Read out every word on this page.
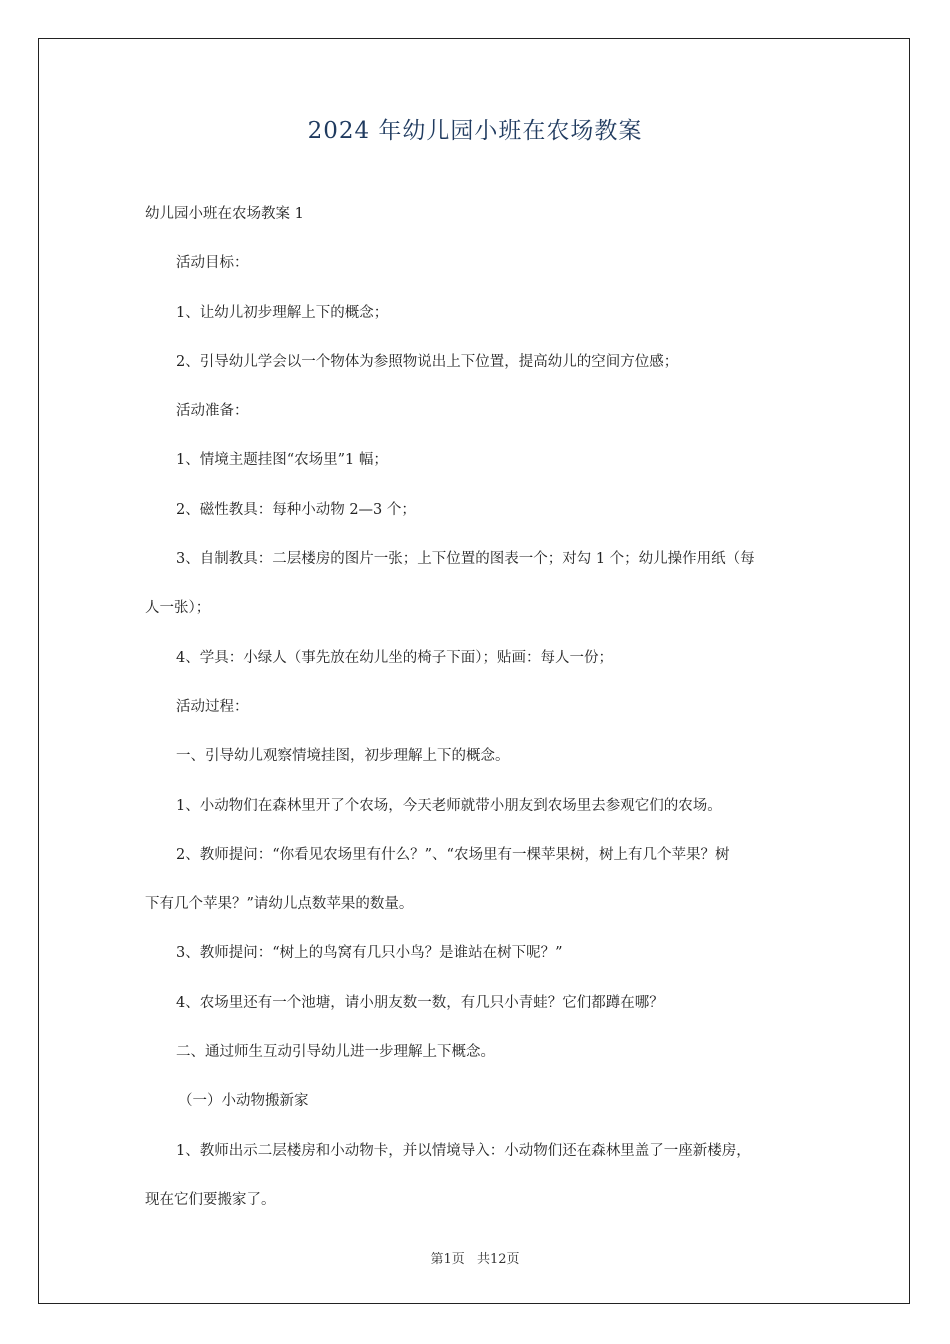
2024 年幼儿园小班在农场教案
幼儿园小班在农场教案 1
活动目标：
1、让幼儿初步理解上下的概念；
2、引导幼儿学会以一个物体为参照物说出上下位置，提高幼儿的空间方位感；
活动准备：
1、情境主题挂图“农场里”1 幅；
2、磁性教具：每种小动物 2—3 个；
3、自制教具：二层楼房的图片一张；上下位置的图表一个；对勾 1 个；幼儿操作用纸（每
人一张）；
4、学具：小绿人（事先放在幼儿坐的椅子下面）；贴画：每人一份；
活动过程：
一、引导幼儿观察情境挂图，初步理解上下的概念。
1、小动物们在森林里开了个农场，今天老师就带小朋友到农场里去参观它们的农场。
2、教师提问：“你看见农场里有什么？”、“农场里有一棵苹果树，树上有几个苹果？树
下有几个苹果？”请幼儿点数苹果的数量。
3、教师提问：“树上的鸟窝有几只小鸟？是谁站在树下呢？”
4、农场里还有一个池塘，请小朋友数一数，有几只小青蛙？它们都蹲在哪？
二、通过师生互动引导幼儿进一步理解上下概念。
（一）小动物搬新家
1、教师出示二层楼房和小动物卡，并以情境导入：小动物们还在森林里盖了一座新楼房，
现在它们要搬家了。
第1页 共12页
